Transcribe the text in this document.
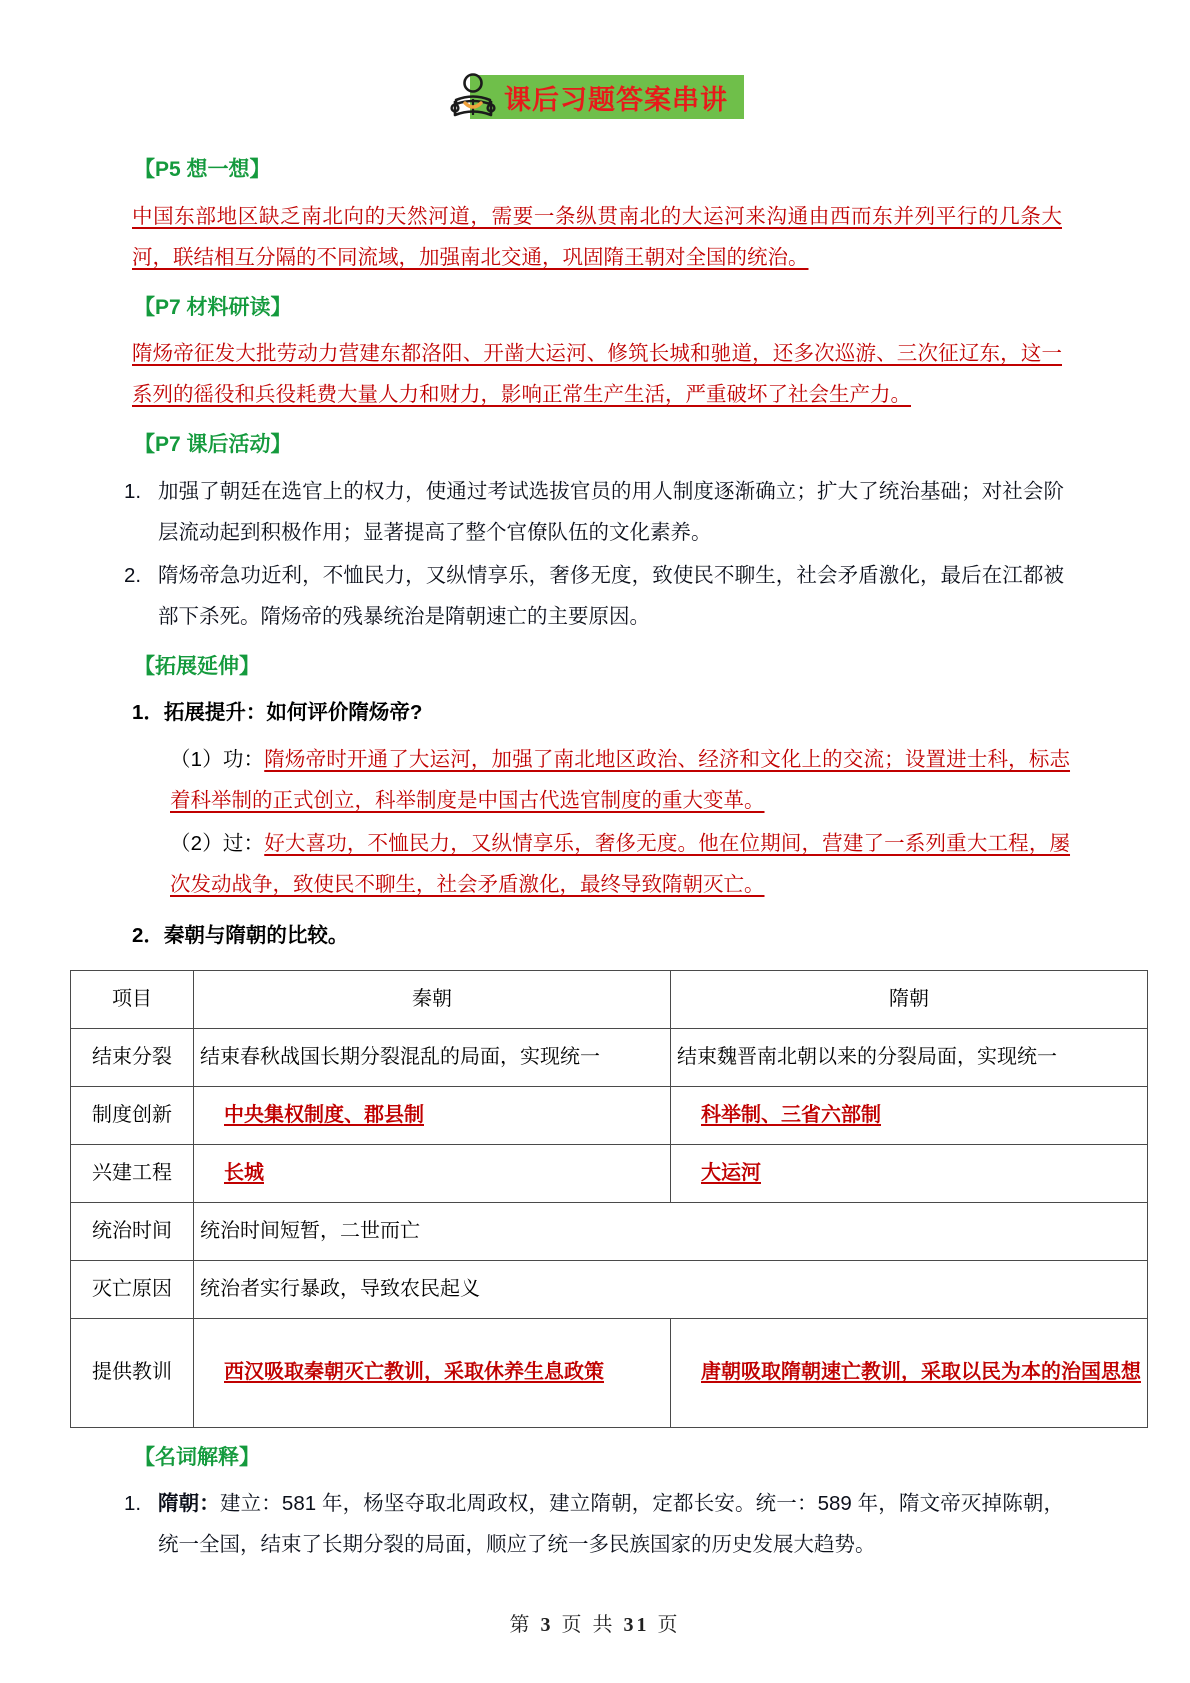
课后习题答案串讲
【P5 想一想】
中国东部地区缺乏南北向的天然河道，需要一条纵贯南北的大运河来沟通由西而东并列平行的几条大河，联结相互分隔的不同流域，加强南北交通，巩固隋王朝对全国的统治。
【P7 材料研读】
隋炀帝征发大批劳动力营建东都洛阳、开凿大运河、修筑长城和驰道，还多次巡游、三次征辽东，这一系列的徭役和兵役耗费大量人力和财力，影响正常生产生活，严重破坏了社会生产力。
【P7 课后活动】
1. 加强了朝廷在选官上的权力，使通过考试选拔官员的用人制度逐渐确立；扩大了统治基础；对社会阶层流动起到积极作用；显著提高了整个官僚队伍的文化素养。
2. 隋炀帝急功近利，不恤民力，又纵情享乐，奢侈无度，致使民不聊生，社会矛盾激化，最后在江都被部下杀死。隋炀帝的残暴统治是隋朝速亡的主要原因。
【拓展延伸】
1．拓展提升：如何评价隋炀帝?
（1）功：隋炀帝时开通了大运河，加强了南北地区政治、经济和文化上的交流；设置进士科，标志着科举制的正式创立，科举制度是中国古代选官制度的重大变革。
（2）过：好大喜功，不恤民力，又纵情享乐，奢侈无度。他在位期间，营建了一系列重大工程，屡次发动战争，致使民不聊生，社会矛盾激化，最终导致隋朝灭亡。
2．秦朝与隋朝的比较。
项目	秦朝	隋朝
结束分裂	结束春秋战国长期分裂混乱的局面，实现统一	结束魏晋南北朝以来的分裂局面，实现统一
制度创新	中央集权制度、郡县制	科举制、三省六部制
兴建工程	长城	大运河
统治时间	统治时间短暂，二世而亡	
灭亡原因	统治者实行暴政，导致农民起义	
提供教训	西汉吸取秦朝灭亡教训，采取休养生息政策	唐朝吸取隋朝速亡教训，采取以民为本的治国思想
【名词解释】
1. 隋朝：建立：581 年，杨坚夺取北周政权，建立隋朝，定都长安。统一：589 年，隋文帝灭掉陈朝，统一全国，结束了长期分裂的局面，顺应了统一多民族国家的历史发展大趋势。
第 3 页 共 31 页
